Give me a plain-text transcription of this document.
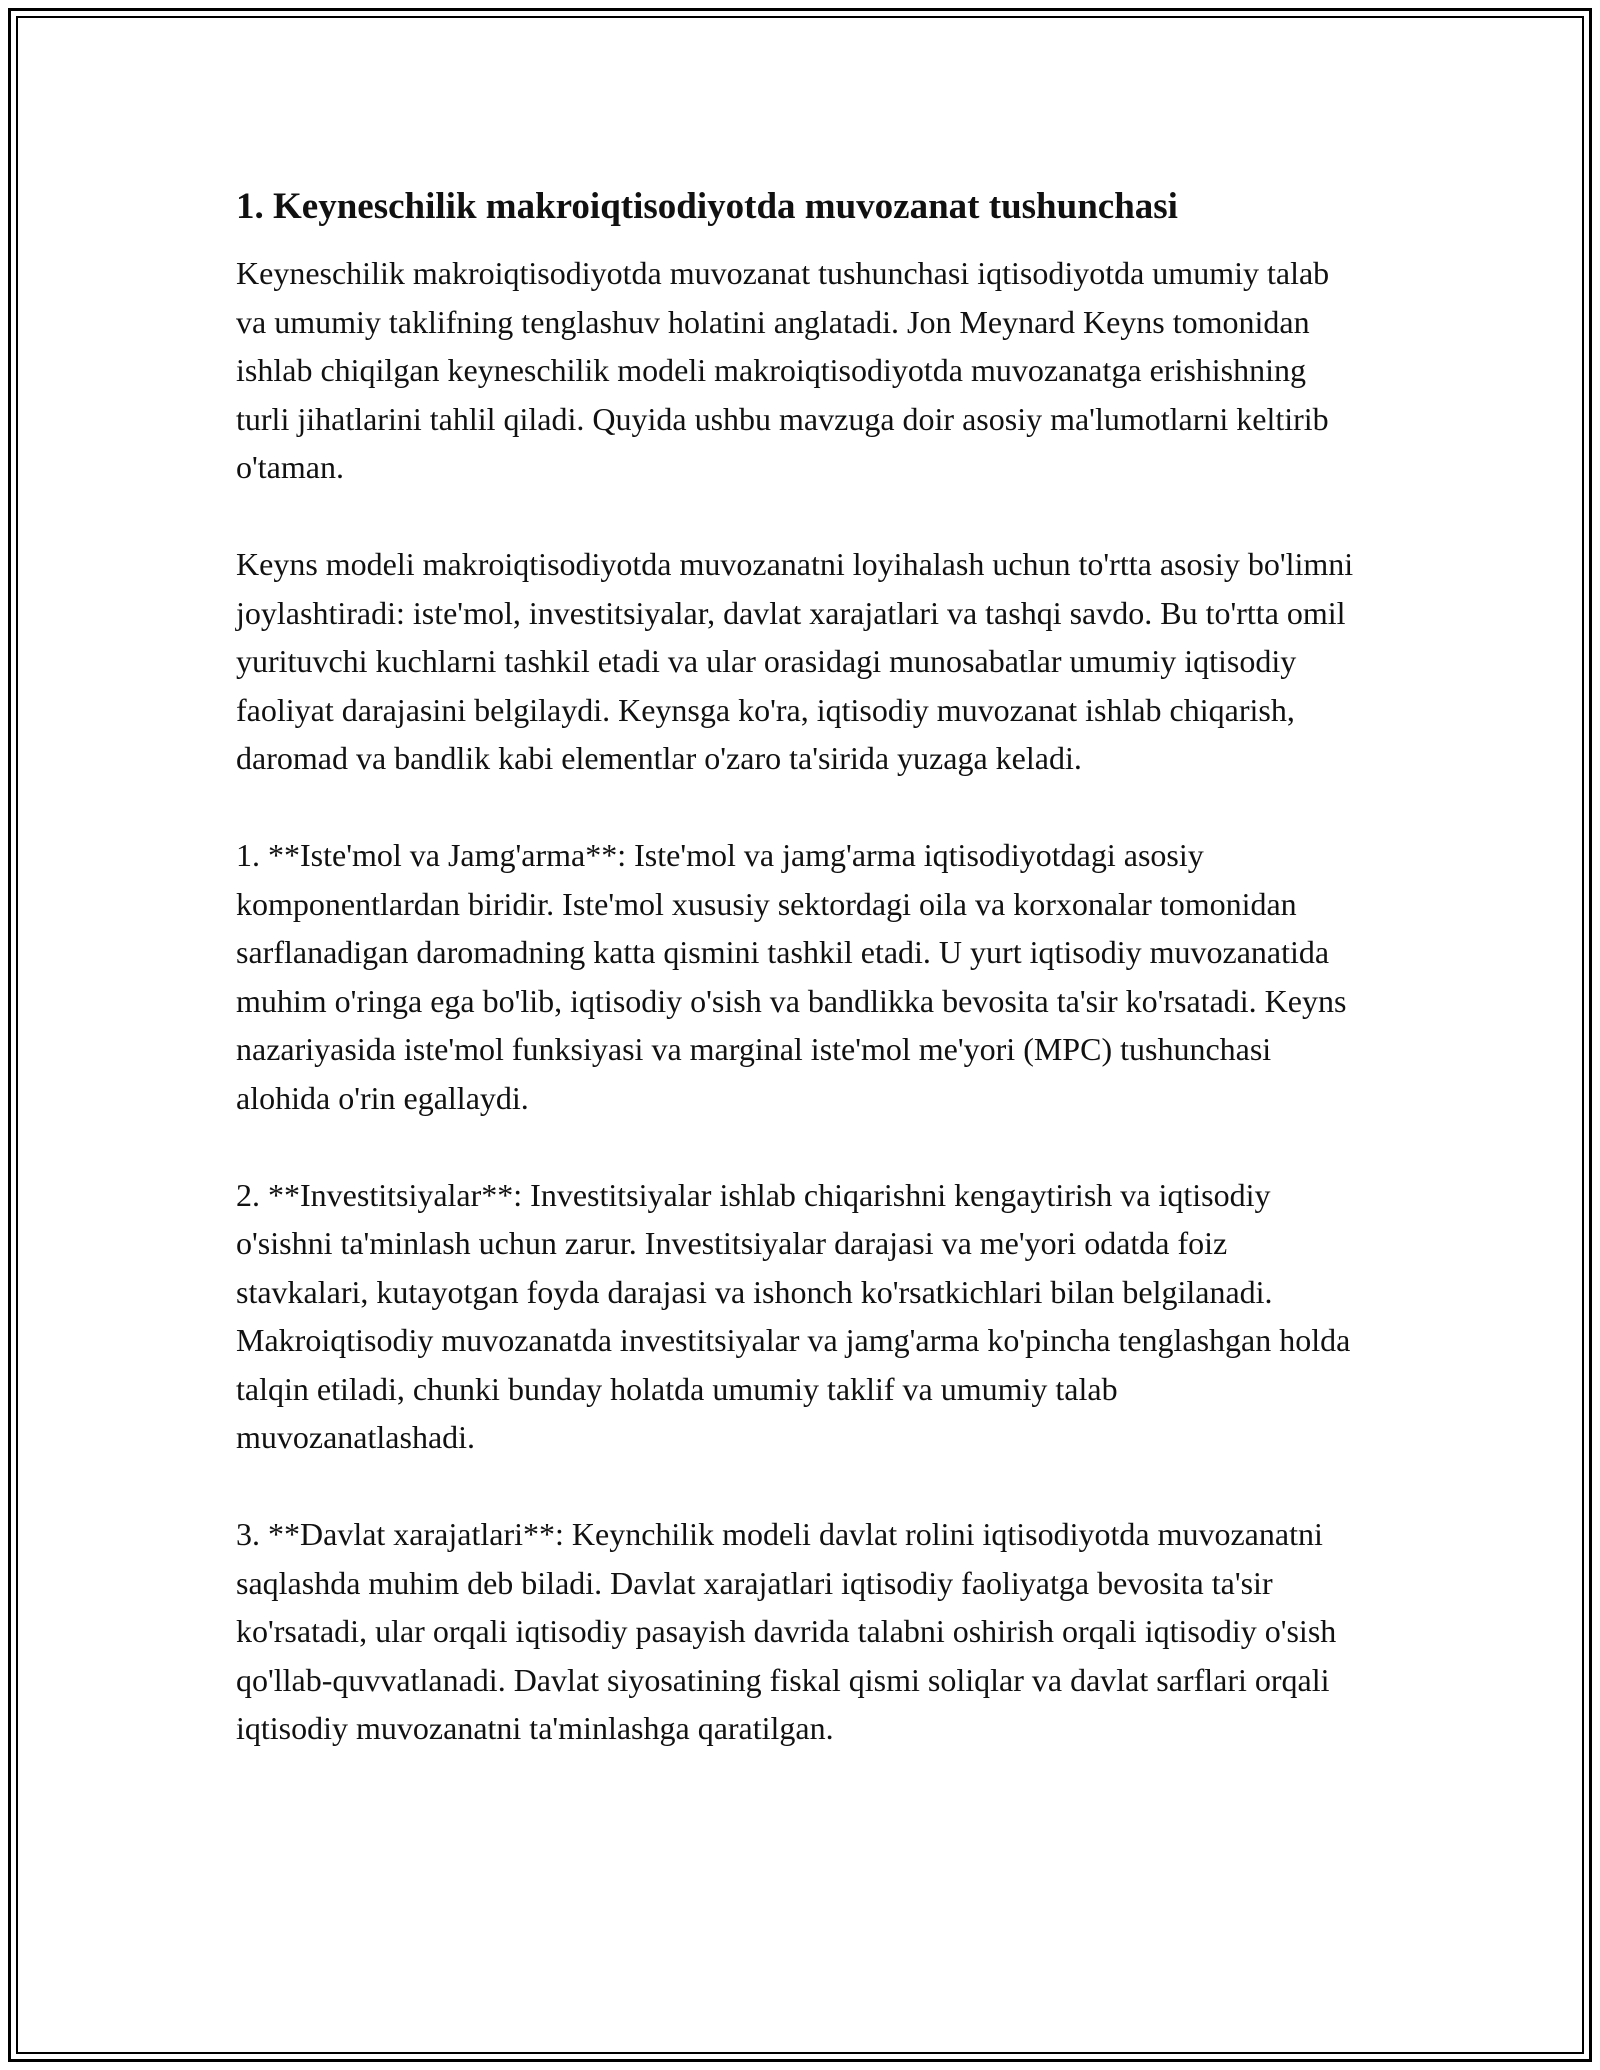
1. Keyneschilik makroiqtisodiyotda muvozanat tushunchasi

Keyneschilik makroiqtisodiyotda muvozanat tushunchasi iqtisodiyotda umumiy talab va umumiy taklifning tenglashuv holatini anglatadi. Jon Meynard Keyns tomonidan ishlab chiqilgan keyneschilik modeli makroiqtisodiyotda muvozanatga erishishning turli jihatlarini tahlil qiladi. Quyida ushbu mavzuga doir asosiy ma'lumotlarni keltirib o'taman.

Keyns modeli makroiqtisodiyotda muvozanatni loyihalash uchun to'rtta asosiy bo'limni joylashtiradi: iste'mol, investitsiyalar, davlat xarajatlari va tashqi savdo. Bu to'rtta omil yurituvchi kuchlarni tashkil etadi va ular orasidagi munosabatlar umumiy iqtisodiy faoliyat darajasini belgilaydi. Keynsga ko'ra, iqtisodiy muvozanat ishlab chiqarish, daromad va bandlik kabi elementlar o'zaro ta'sirida yuzaga keladi.

1. **Iste'mol va Jamg'arma**: Iste'mol va jamg'arma iqtisodiyotdagi asosiy komponentlardan biridir. Iste'mol xususiy sektordagi oila va korxonalar tomonidan sarflanadigan daromadning katta qismini tashkil etadi. U yurt iqtisodiy muvozanatida muhim o'ringa ega bo'lib, iqtisodiy o'sish va bandlikka bevosita ta'sir ko'rsatadi. Keyns nazariyasida iste'mol funksiyasi va marginal iste'mol me'yori (MPC) tushunchasi alohida o'rin egallaydi.

2. **Investitsiyalar**: Investitsiyalar ishlab chiqarishni kengaytirish va iqtisodiy o'sishni ta'minlash uchun zarur. Investitsiyalar darajasi va me'yori odatda foiz stavkalari, kutayotgan foyda darajasi va ishonch ko'rsatkichlari bilan belgilanadi. Makroiqtisodiy muvozanatda investitsiyalar va jamg'arma ko'pincha tenglashgan holda talqin etiladi, chunki bunday holatda umumiy taklif va umumiy talab muvozanatlashadi.

3. **Davlat xarajatlari**: Keynchilik modeli davlat rolini iqtisodiyotda muvozanatni saqlashda muhim deb biladi. Davlat xarajatlari iqtisodiy faoliyatga bevosita ta'sir ko'rsatadi, ular orqali iqtisodiy pasayish davrida talabni oshirish orqali iqtisodiy o'sish qo'llab-quvvatlanadi. Davlat siyosatining fiskal qismi soliqlar va davlat sarflari orqali iqtisodiy muvozanatni ta'minlashga qaratilgan.
